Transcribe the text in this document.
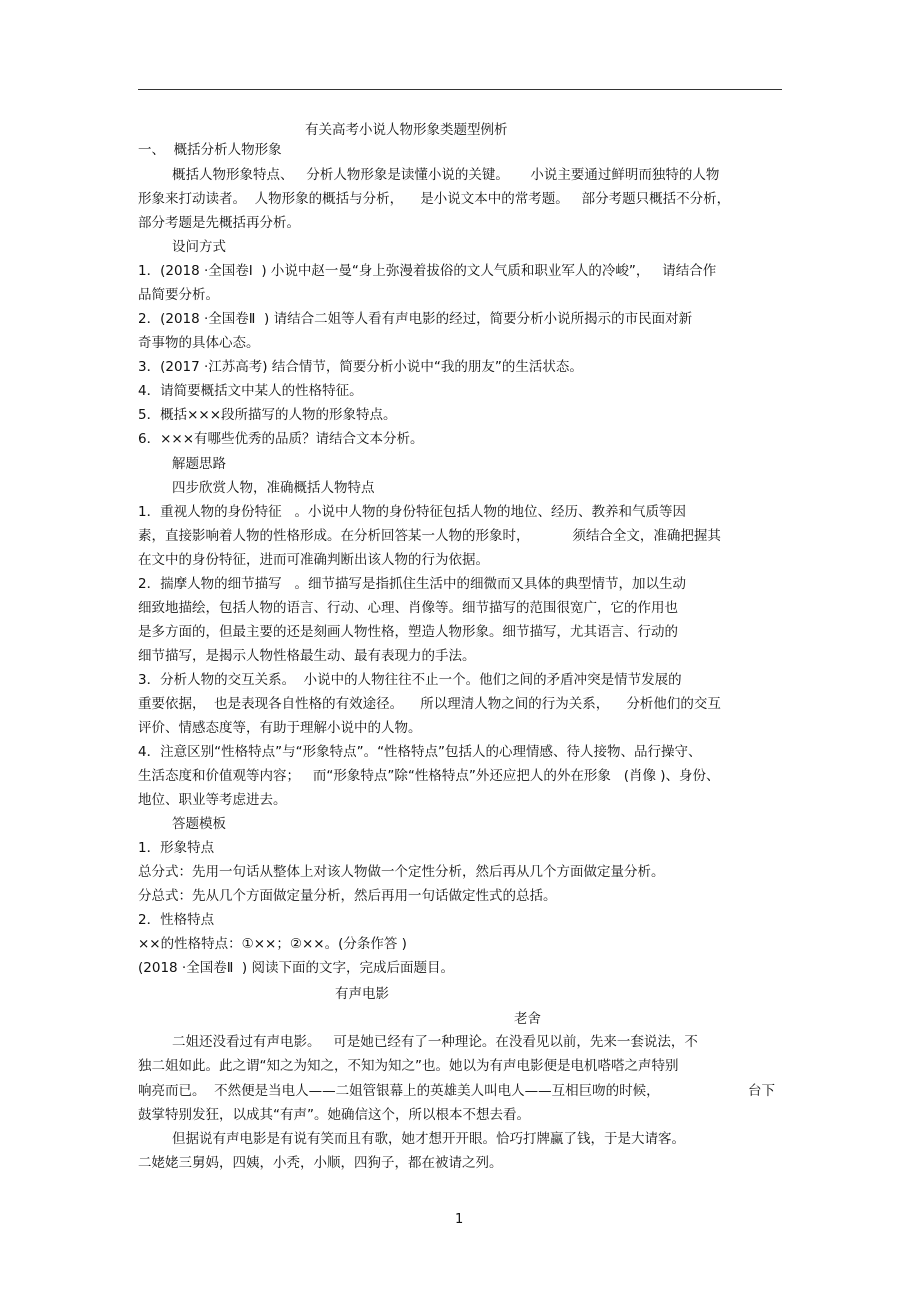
有关高考小说人物形象类题型例析
一、  概括分析人物形象
概括人物形象特点、   分析人物形象是读懂小说的关键。     小说主要通过鲜明而独特的人物
形象来打动读者。  人物形象的概括与分析，    是小说文本中的常考题。   部分考题只概括不分析，
部分考题是先概括再分析。
设问方式
1．(2018 ·全国卷Ⅰ  ) 小说中赵一曼“身上弥漫着拔俗的文人气质和职业军人的冷峻”，   请结合作
品简要分析。
2．(2018 ·全国卷Ⅱ  ) 请结合二姐等人看有声电影的经过，简要分析小说所揭示的市民面对新
奇事物的具体心态。
3．(2017 ·江苏高考) 结合情节，简要分析小说中“我的朋友”的生活状态。
4．请简要概括文中某人的性格特征。
5．概括×××段所描写的人物的形象特点。
6．×××有哪些优秀的品质？请结合文本分析。
解题思路
四步欣赏人物，准确概括人物特点
1．重视人物的身份特征   。小说中人物的身份特征包括人物的地位、经历、教养和气质等因
素，直接影响着人物的性格形成。在分析回答某一人物的形象时，          须结合全文，准确把握其
在文中的身份特征，进而可准确判断出该人物的行为依据。
2．揣摩人物的细节描写   。细节描写是指抓住生活中的细微而又具体的典型情节，加以生动
细致地描绘，包括人物的语言、行动、心理、肖像等。细节描写的范围很宽广，它的作用也
是多方面的，但最主要的还是刻画人物性格，塑造人物形象。细节描写，尤其语言、行动的
细节描写，是揭示人物性格最生动、最有表现力的手法。
3．分析人物的交互关系。  小说中的人物往往不止一个。他们之间的矛盾冲突是情节发展的
重要依据，  也是表现各自性格的有效途径。    所以理清人物之间的行为关系，    分析他们的交互
评价、情感态度等，有助于理解小说中的人物。
4．注意区别“性格特点”与“形象特点”。“性格特点”包括人的心理情感、待人接物、品行操守、
生活态度和价值观等内容；   而“形象特点”除“性格特点”外还应把人的外在形象   (肖像 )、身份、
地位、职业等考虑进去。
答题模板
1．形象特点
总分式：先用一句话从整体上对该人物做一个定性分析，然后再从几个方面做定量分析。
分总式：先从几个方面做定量分析，然后再用一句话做定性式的总括。
2．性格特点
××的性格特点：①××；②××。(分条作答 )
(2018 ·全国卷Ⅱ  ) 阅读下面的文字，完成后面题目。
有声电影
老舍
二姐还没看过有声电影。   可是她已经有了一种理论。在没看见以前，先来一套说法，不
独二姐如此。此之谓“知之为知之，不知为知之”也。她以为有声电影便是电机嗒嗒之声特别
响亮而已。  不然便是当电人——二姐管银幕上的英雄美人叫电人——互相巨吻的时候，	台下
鼓掌特别发狂，以成其“有声”。她确信这个，所以根本不想去看。
但据说有声电影是有说有笑而且有歌，她才想开开眼。恰巧打牌赢了钱，于是大请客。
二姥姥三舅妈，四姨，小秃，小顺，四狗子，都在被请之列。
1
